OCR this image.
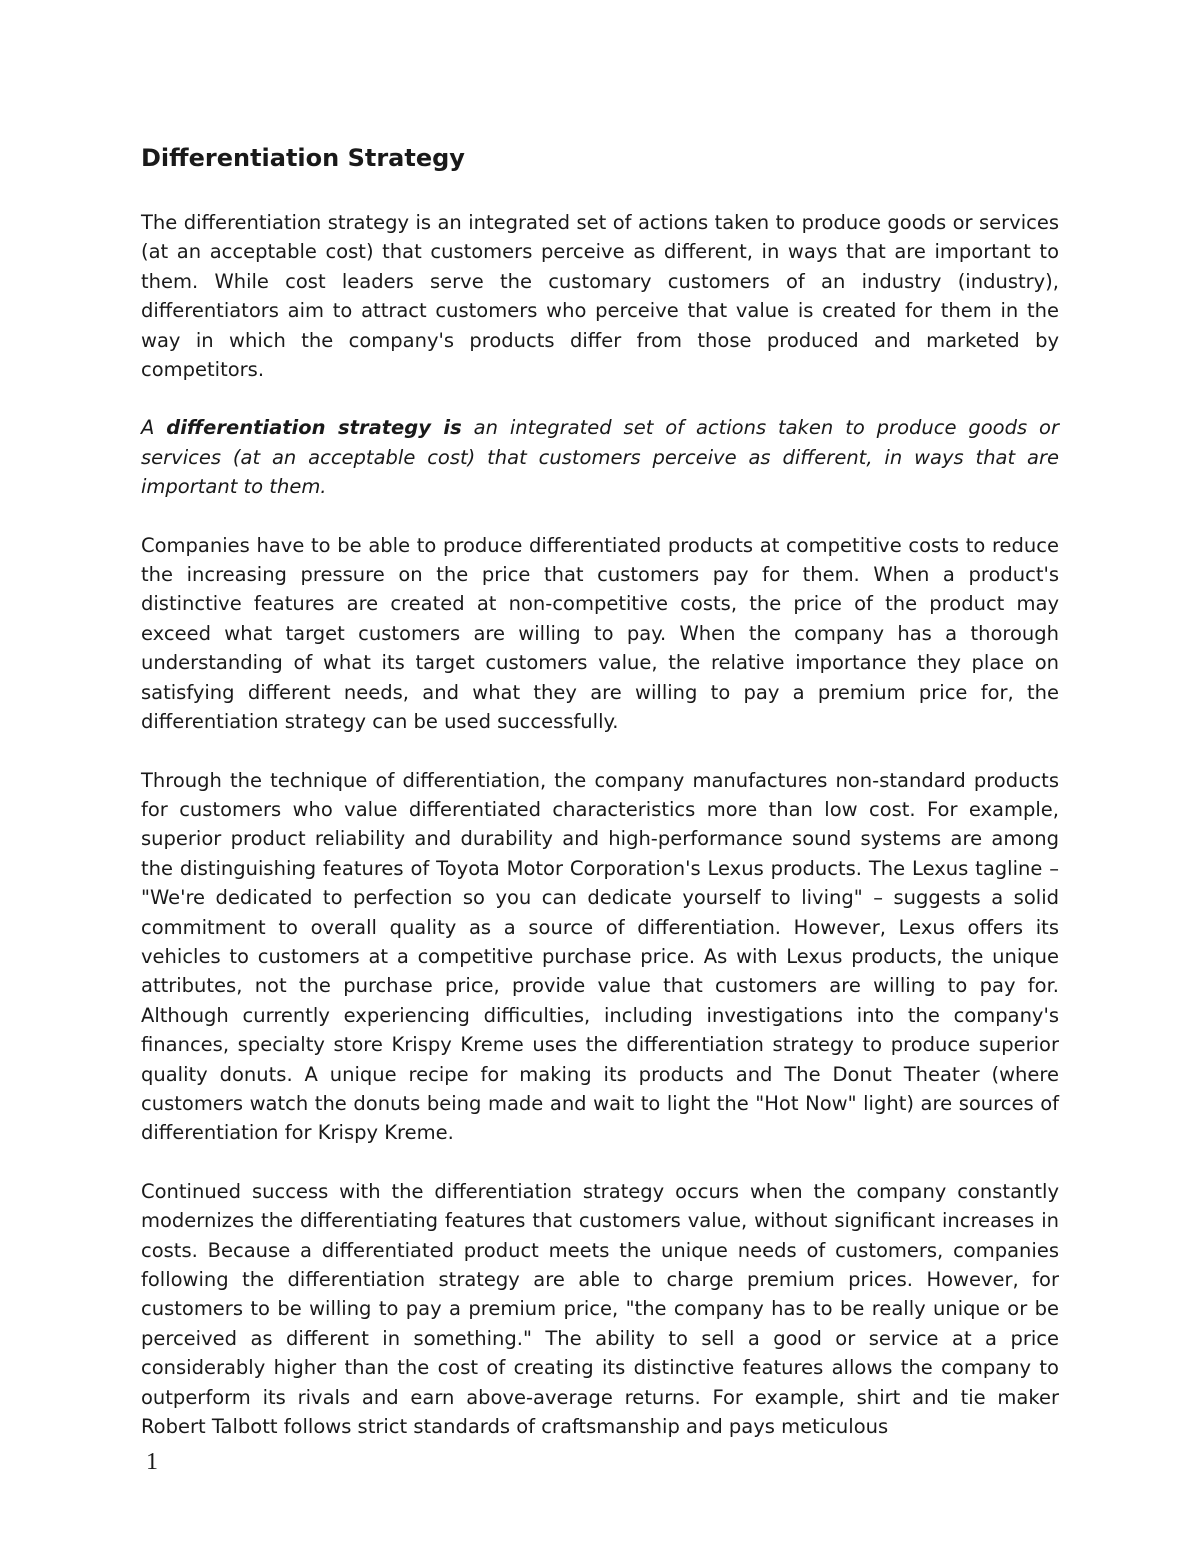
Differentiation Strategy
The differentiation strategy is an integrated set of actions taken to produce goods or services (at an acceptable cost) that customers perceive as different, in ways that are important to them. While cost leaders serve the customary customers of an industry (industry), differentiators aim to attract customers who perceive that value is created for them in the way in which the company's products differ from those produced and marketed by competitors.
A differentiation strategy is an integrated set of actions taken to produce goods or services (at an acceptable cost) that customers perceive as different, in ways that are important to them.
Companies have to be able to produce differentiated products at competitive costs to reduce the increasing pressure on the price that customers pay for them. When a product's distinctive features are created at non-competitive costs, the price of the product may exceed what target customers are willing to pay. When the company has a thorough understanding of what its target customers value, the relative importance they place on satisfying different needs, and what they are willing to pay a premium price for, the differentiation strategy can be used successfully.
Through the technique of differentiation, the company manufactures non-standard products for customers who value differentiated characteristics more than low cost. For example, superior product reliability and durability and high-performance sound systems are among the distinguishing features of Toyota Motor Corporation's Lexus products. The Lexus tagline – "We're dedicated to perfection so you can dedicate yourself to living" – suggests a solid commitment to overall quality as a source of differentiation. However, Lexus offers its vehicles to customers at a competitive purchase price. As with Lexus products, the unique attributes, not the purchase price, provide value that customers are willing to pay for. Although currently experiencing difficulties, including investigations into the company's finances, specialty store Krispy Kreme uses the differentiation strategy to produce superior quality donuts. A unique recipe for making its products and The Donut Theater (where customers watch the donuts being made and wait to light the "Hot Now" light) are sources of differentiation for Krispy Kreme.
Continued success with the differentiation strategy occurs when the company constantly modernizes the differentiating features that customers value, without significant increases in costs. Because a differentiated product meets the unique needs of customers, companies following the differentiation strategy are able to charge premium prices. However, for customers to be willing to pay a premium price, "the company has to be really unique or be perceived as different in something." The ability to sell a good or service at a price considerably higher than the cost of creating its distinctive features allows the company to outperform its rivals and earn above-average returns. For example, shirt and tie maker Robert Talbott follows strict standards of craftsmanship and pays meticulous
1
